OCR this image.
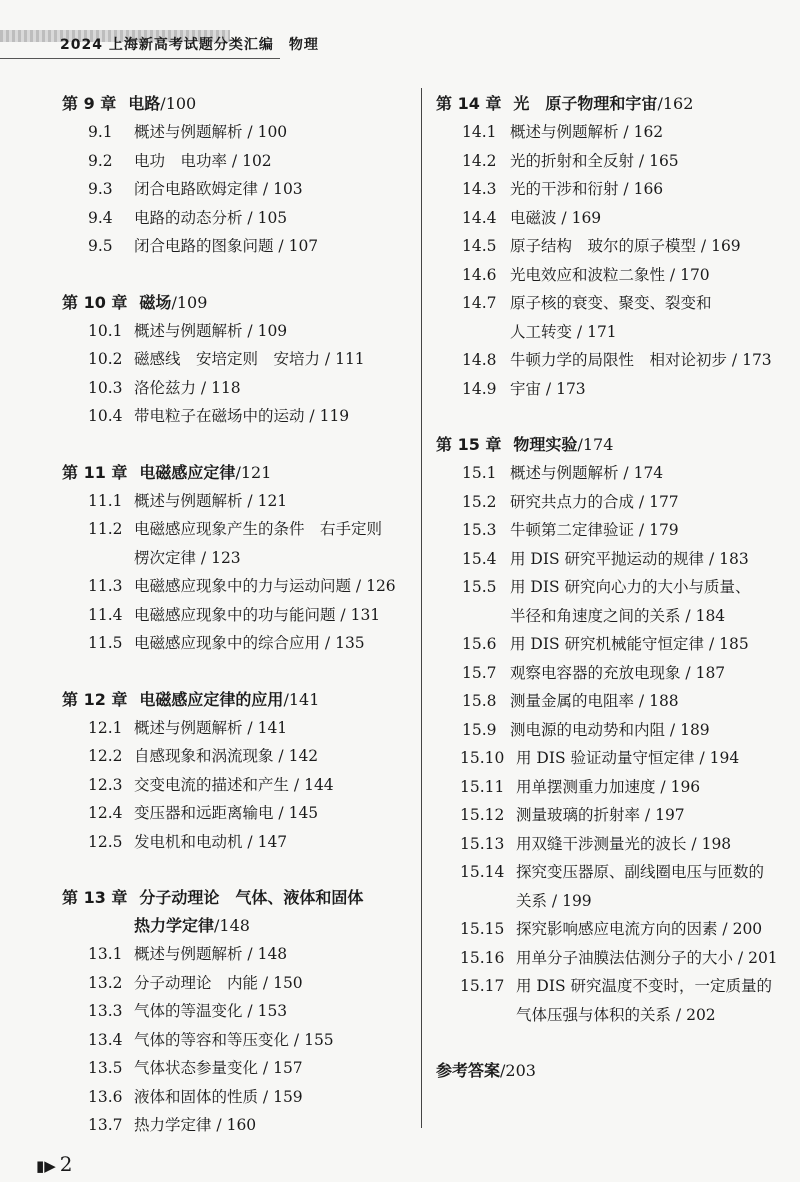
2024 上海新高考试题分类汇编　物理
第 9 章 电路/100
9.1 概述与例题解析 / 100
9.2 电功　电功率 / 102
9.3 闭合电路欧姆定律 / 103
9.4 电路的动态分析 / 105
9.5 闭合电路的图象问题 / 107
第 10 章 磁场/109
10.1 概述与例题解析 / 109
10.2 磁感线　安培定则　安培力 / 111
10.3 洛伦兹力 / 118
10.4 带电粒子在磁场中的运动 / 119
第 11 章 电磁感应定律/121
11.1 概述与例题解析 / 121
11.2 电磁感应现象产生的条件　右手定则
楞次定律 / 123
11.3 电磁感应现象中的力与运动问题 / 126
11.4 电磁感应现象中的功与能问题 / 131
11.5 电磁感应现象中的综合应用 / 135
第 12 章 电磁感应定律的应用/141
12.1 概述与例题解析 / 141
12.2 自感现象和涡流现象 / 142
12.3 交变电流的描述和产生 / 144
12.4 变压器和远距离输电 / 145
12.5 发电机和电动机 / 147
第 13 章 分子动理论　气体、液体和固体
热力学定律/148
13.1 概述与例题解析 / 148
13.2 分子动理论　内能 / 150
13.3 气体的等温变化 / 153
13.4 气体的等容和等压变化 / 155
13.5 气体状态参量变化 / 157
13.6 液体和固体的性质 / 159
13.7 热力学定律 / 160
第 14 章 光　原子物理和宇宙/162
14.1 概述与例题解析 / 162
14.2 光的折射和全反射 / 165
14.3 光的干涉和衍射 / 166
14.4 电磁波 / 169
14.5 原子结构　玻尔的原子模型 / 169
14.6 光电效应和波粒二象性 / 170
14.7 原子核的衰变、聚变、裂变和
人工转变 / 171
14.8 牛顿力学的局限性　相对论初步 / 173
14.9 宇宙 / 173
第 15 章 物理实验/174
15.1 概述与例题解析 / 174
15.2 研究共点力的合成 / 177
15.3 牛顿第二定律验证 / 179
15.4 用 DIS 研究平抛运动的规律 / 183
15.5 用 DIS 研究向心力的大小与质量、
半径和角速度之间的关系 / 184
15.6 用 DIS 研究机械能守恒定律 / 185
15.7 观察电容器的充放电现象 / 187
15.8 测量金属的电阻率 / 188
15.9 测电源的电动势和内阻 / 189
15.10 用 DIS 验证动量守恒定律 / 194
15.11 用单摆测重力加速度 / 196
15.12 测量玻璃的折射率 / 197
15.13 用双缝干涉测量光的波长 / 198
15.14 探究变压器原、副线圈电压与匝数的
关系 / 199
15.15 探究影响感应电流方向的因素 / 200
15.16 用单分子油膜法估测分子的大小 / 201
15.17 用 DIS 研究温度不变时，一定质量的
气体压强与体积的关系 / 202
参考答案/203
▮▶ 2
